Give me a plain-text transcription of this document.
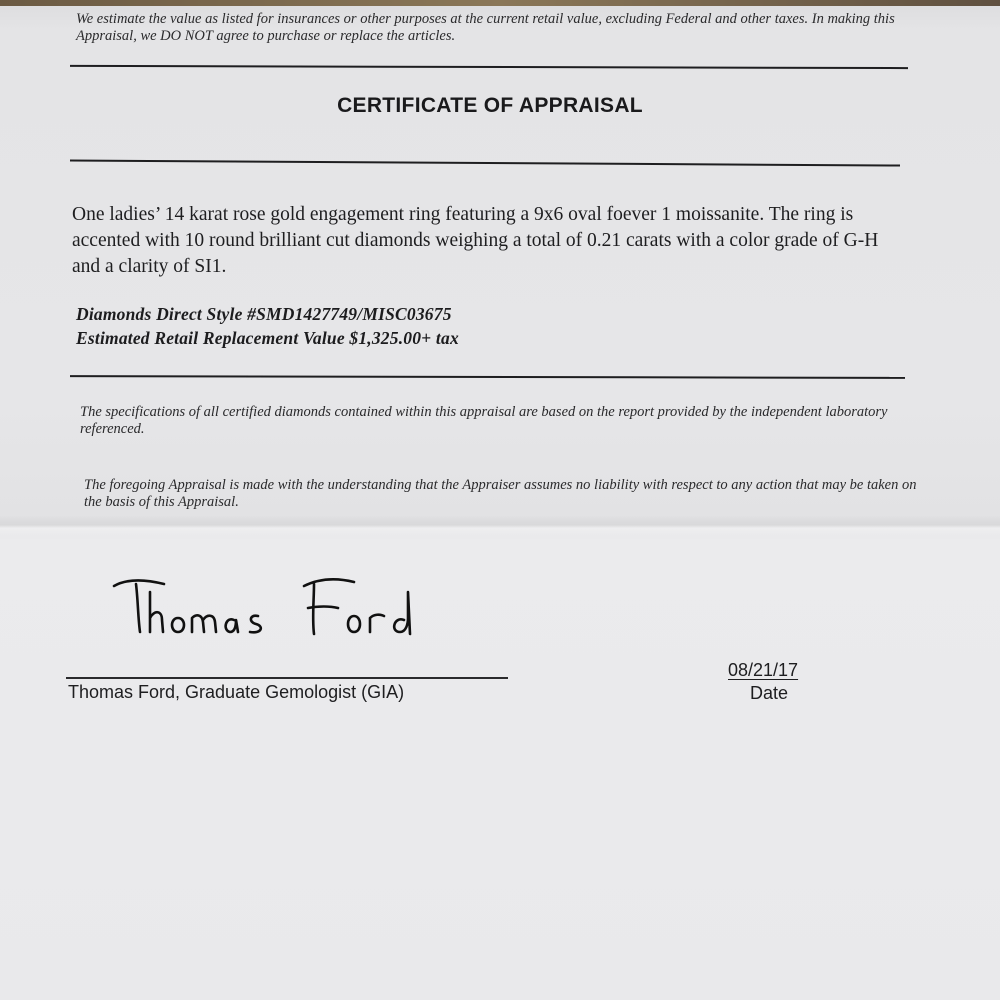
We estimate the value as listed for insurances or other purposes at the current retail value, excluding Federal and other taxes. In making this Appraisal, we DO NOT agree to purchase or replace the articles.
CERTIFICATE OF APPRAISAL
One ladies’ 14 karat rose gold engagement ring featuring a 9x6 oval foever 1 moissanite. The ring is accented with 10 round brilliant cut diamonds weighing a total of 0.21 carats with a color grade of G-H and a clarity of SI1.
Diamonds Direct Style #SMD1427749/MISC03675
Estimated Retail Replacement Value $1,325.00+ tax
The specifications of all certified diamonds contained within this appraisal are based on the report provided by the independent laboratory referenced.
The foregoing Appraisal is made with the understanding that the Appraiser assumes no liability with respect to any action that may be taken on the basis of this Appraisal.
Thomas Ford, Graduate Gemologist (GIA)
08/21/17
Date
